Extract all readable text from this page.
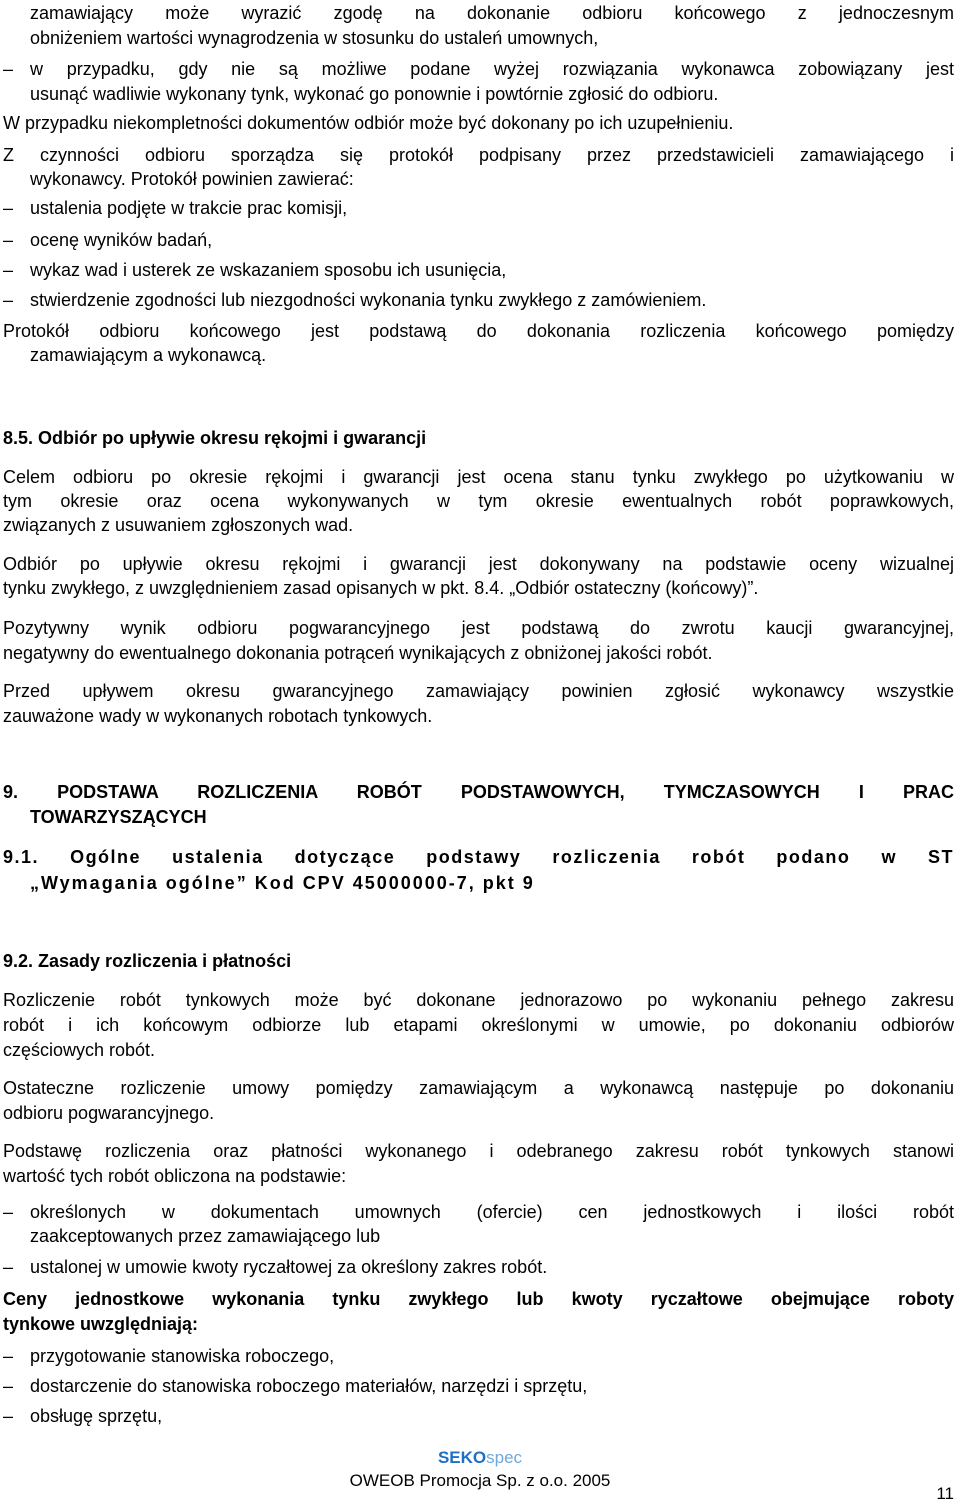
zamawiający może wyrazić zgodę na dokonanie odbioru końcowego z jednoczesnym
obniżeniem wartości wynagrodzenia w stosunku do ustaleń umownych,
– w przypadku, gdy nie są możliwe podane wyżej rozwiązania wykonawca zobowiązany jest
usunąć wadliwie wykonany tynk, wykonać go ponownie i powtórnie zgłosić do odbioru.
W przypadku niekompletności dokumentów odbiór może być dokonany po ich uzupełnieniu.
Z czynności odbioru sporządza się protokół podpisany przez przedstawicieli zamawiającego i
wykonawcy. Protokół powinien zawierać:
– ustalenia podjęte w trakcie prac komisji,
– ocenę wyników badań,
– wykaz wad i usterek ze wskazaniem sposobu ich usunięcia,
– stwierdzenie zgodności lub niezgodności wykonania tynku zwykłego z zamówieniem.
Protokół odbioru końcowego jest podstawą do dokonania rozliczenia końcowego pomiędzy
zamawiającym a wykonawcą.
8.5. Odbiór po upływie okresu rękojmi i gwarancji
Celem odbioru po okresie rękojmi i gwarancji jest ocena stanu tynku zwykłego po użytkowaniu w
tym okresie oraz ocena wykonywanych w tym okresie ewentualnych robót poprawkowych,
związanych z usuwaniem zgłoszonych wad.
Odbiór po upływie okresu rękojmi i gwarancji jest dokonywany na podstawie oceny wizualnej
tynku zwykłego, z uwzględnieniem zasad opisanych w pkt. 8.4. „Odbiór ostateczny (końcowy)”.
Pozytywny wynik odbioru pogwarancyjnego jest podstawą do zwrotu kaucji gwarancyjnej,
negatywny do ewentualnego dokonania potrąceń wynikających z obniżonej jakości robót.
Przed upływem okresu gwarancyjnego zamawiający powinien zgłosić wykonawcy wszystkie
zauważone wady w wykonanych robotach tynkowych.
9. PODSTAWA ROZLICZENIA ROBÓT PODSTAWOWYCH, TYMCZASOWYCH I PRAC
TOWARZYSZĄCYCH
9.1. Ogólne ustalenia dotyczące podstawy rozliczenia robót podano w ST
„Wymagania ogólne” Kod CPV 45000000-7, pkt 9
9.2. Zasady rozliczenia i płatności
Rozliczenie robót tynkowych może być dokonane jednorazowo po wykonaniu pełnego zakresu
robót i ich końcowym odbiorze lub etapami określonymi w umowie, po dokonaniu odbiorów
częściowych robót.
Ostateczne rozliczenie umowy pomiędzy zamawiającym a wykonawcą następuje po dokonaniu
odbioru pogwarancyjnego.
Podstawę rozliczenia oraz płatności wykonanego i odebranego zakresu robót tynkowych stanowi
wartość tych robót obliczona na podstawie:
– określonych w dokumentach umownych (ofercie) cen jednostkowych i ilości robót
zaakceptowanych przez zamawiającego lub
– ustalonej w umowie kwoty ryczałtowej za określony zakres robót.
Ceny jednostkowe wykonania tynku zwykłego lub kwoty ryczałtowe obejmujące roboty
tynkowe uwzględniają:
– przygotowanie stanowiska roboczego,
– dostarczenie do stanowiska roboczego materiałów, narzędzi i sprzętu,
– obsługę sprzętu,
SEKOspec
OWEOB Promocja Sp. z o.o. 2005
11
